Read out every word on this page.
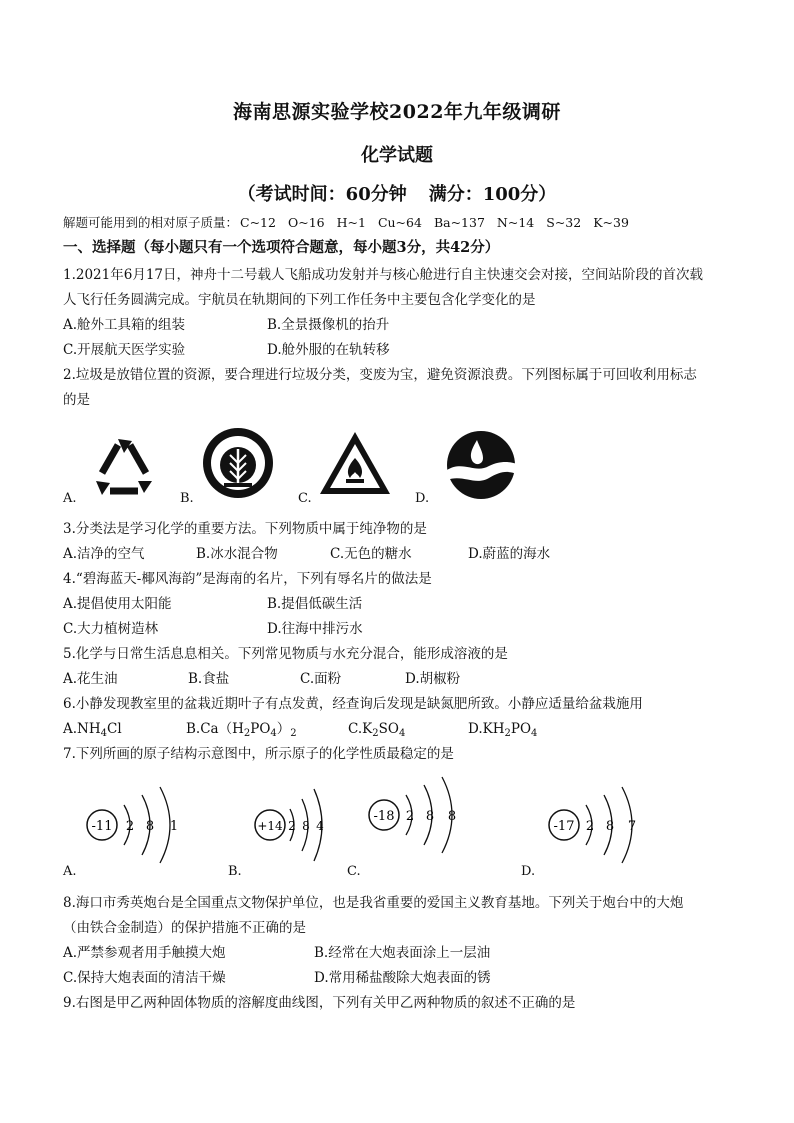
海南思源实验学校2022年九年级调研
化学试题
（考试时间：60分钟 满分：100分）
解题可能用到的相对原子质量： C~12 O~16 H~1 Cu~64 Ba~137 N~14 S~32 K~39
一、选择题（每小题只有一个选项符合题意，每小题3分，共42分）
1.2021年6月17日，神舟十二号载人飞船成功发射并与核心舱进行自主快速交会对接，空间站阶段的首次载
人飞行任务圆满完成。宇航员在轨期间的下列工作任务中主要包含化学变化的是
A.舱外工具箱的组装	B.全景摄像机的抬升
C.开展航天医学实验	D.舱外服的在轨转移
2.垃圾是放错位置的资源，要合理进行垃圾分类，变废为宝，避免资源浪费。下列图标属于可回收利用标志
的是
A.	B.	C.	D.
3.分类法是学习化学的重要方法。下列物质中属于纯净物的是
A.洁净的空气	B.冰水混合物	C.无色的糖水	D.蔚蓝的海水
4.“碧海蓝天-椰风海韵”是海南的名片，下列有辱名片的做法是
A.提倡使用太阳能	B.提倡低碳生活
C.大力植树造林	D.往海中排污水
5.化学与日常生活息息相关。下列常见物质与水充分混合，能形成溶液的是
A.花生油	B.食盐	C.面粉	D.胡椒粉
6.小静发现教室里的盆栽近期叶子有点发黄，经查询后发现是缺氮肥所致。小静应适量给盆栽施用
$A.NH_4Cl$	$B.Ca(H_2PO_4)_2$	$C.K_2SO_4$	$D.KH_2PO_4$
7.下列所画的原子结构示意图中，所示原子的化学性质最稳定的是
-11 2 8 1	+14 2 8 4
-18 2 8 8
-17 2 8 7
A.	B.	C.	D.
8.海口市秀英炮台是全国重点文物保护单位，也是我省重要的爱国主义教育基地。下列关于炮台中的大炮
（由铁合金制造）的保护措施不正确的是
A.严禁参观者用手触摸大炮	B.经常在大炮表面涂上一层油
C.保持大炮表面的清洁干燥	D.常用稀盐酸除大炮表面的锈
9.右图是甲乙两种固体物质的溶解度曲线图，下列有关甲乙两种物质的叙述不正确的是
